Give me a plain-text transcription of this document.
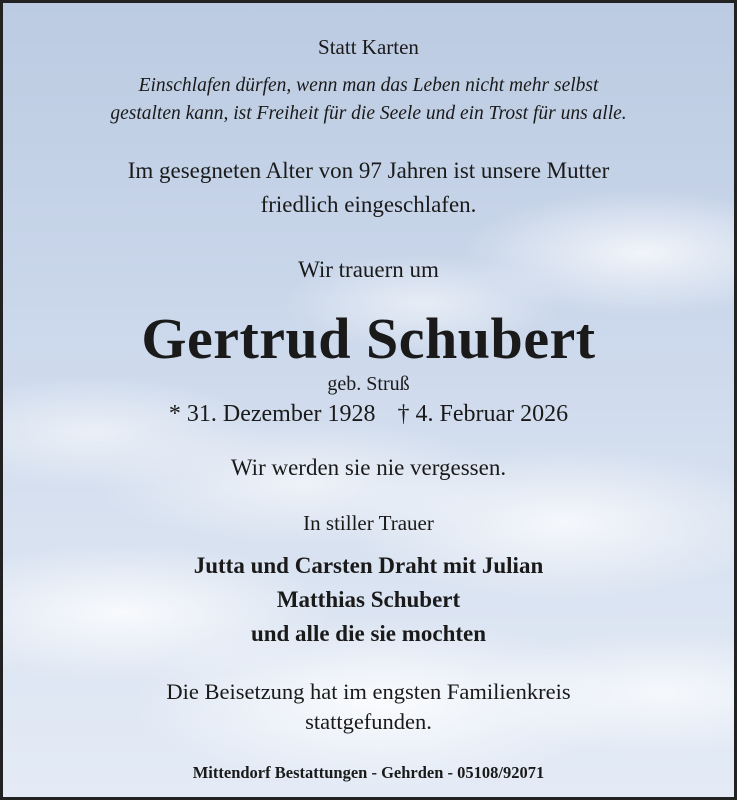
Statt Karten
Einschlafen dürfen, wenn man das Leben nicht mehr selbst
gestalten kann, ist Freiheit für die Seele und ein Trost für uns alle.
Im gesegneten Alter von 97 Jahren ist unsere Mutter
friedlich eingeschlafen.
Wir trauern um
Gertrud Schubert
geb. Struß
* 31. Dezember 1928 † 4. Februar 2026
Wir werden sie nie vergessen.
In stiller Trauer
Jutta und Carsten Draht mit Julian
Matthias Schubert
und alle die sie mochten
Die Beisetzung hat im engsten Familienkreis
stattgefunden.
Mittendorf Bestattungen - Gehrden - 05108/92071
